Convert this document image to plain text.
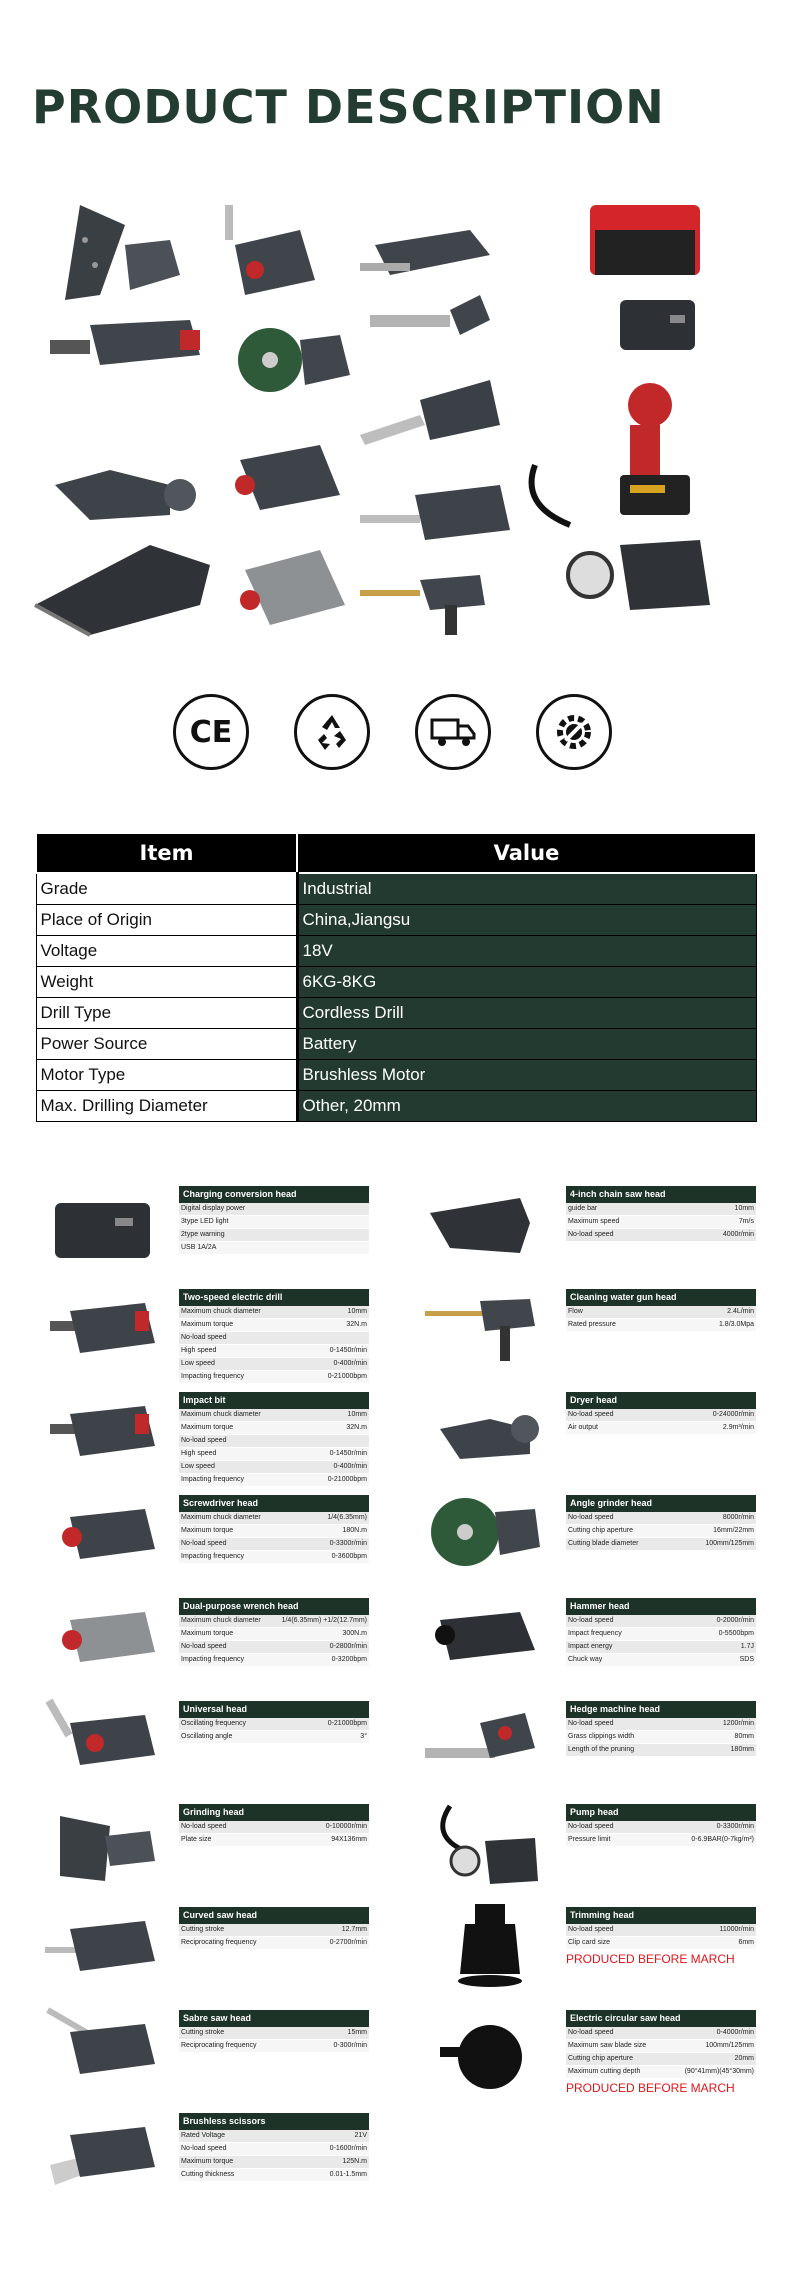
PRODUCT DESCRIPTION
CE
Item	Value
Grade	Industrial
Place of Origin	China,Jiangsu
Voltage	18V
Weight	6KG-8KG
Drill Type	Cordless Drill
Power Source	Battery
Motor Type	Brushless Motor
Max. Drilling Diameter	Other, 20mm
Charging conversion head
Digital display power
3type LED light
2type warning
USB 1A/2A
Two-speed electric drill
Maximum chuck diameter	10mm
Maximum torque	32N.m
No-load speed
High speed	0-1450r/min
Low speed	0-400r/min
Impacting frequency	0-21000bpm
Impact bit
Maximum chuck diameter	10mm
Maximum torque	32N.m
No-load speed
High speed	0-1450r/min
Low speed	0-400r/min
Impacting frequency	0-21000bpm
Screwdriver head
Maximum chuck diameter	1/4(6.35mm)
Maximum torque	180N.m
No-load speed	0-3300r/min
Impacting frequency	0-3600bpm
Dual-purpose wrench head
Maximum chuck diameter	1/4(6.35mm) +1/2(12.7mm)
Maximum torque	300N.m
No-load speed	0-2800r/min
Impacting frequency	0-3200bpm
Universal head
Oscillating frequency	0-21000bpm
Oscillating angle	3°
Grinding head
No-load speed	0-10000r/min
Plate size	94X136mm
Curved saw head
Cutting stroke	12.7mm
Reciprocating frequency	0-2700r/min
Sabre saw head
Cutting stroke	15mm
Reciprocating frequency	0-300r/min
Brushless scissors
Rated Voltage	21V
No-load speed	0-1600r/min
Maximum torque	125N.m
Cutting thickness	0.01-1.5mm
4-inch chain saw head
guide bar	10mm
Maximum speed	7m/s
No-load speed	4000r/min
Cleaning water gun head
Flow	2.4L/min
Rated pressure	1.8/3.0Mpa
Dryer head
No-load speed	0-24000r/min
Air output	2.9m³/min
Angle grinder head
No-load speed	8000r/min
Cutting chip aperture	16mm/22mm
Cutting blade diameter	100mm/125mm
Hammer head
No-load speed	0-2000r/min
Impact frequency	0-5500bpm
Impact energy	1.7J
Chuck way	SDS
Hedge machine head
No-load speed	1200r/min
Grass clippings width	80mm
Length of the pruning	180mm
Pump head
No-load speed	0-3300r/min
Pressure limit	0-6.9BAR(0-7kg/m²)
Trimming head
No-load speed	11000r/min
Clip card size	6mm
PRODUCED BEFORE MARCH
Electric circular saw head
No-load speed	0-4000r/min
Maximum saw blade size	100mm/125mm
Cutting chip aperture	20mm
Maximum cutting depth	(90°41mm)(45°30mm)
PRODUCED BEFORE MARCH
